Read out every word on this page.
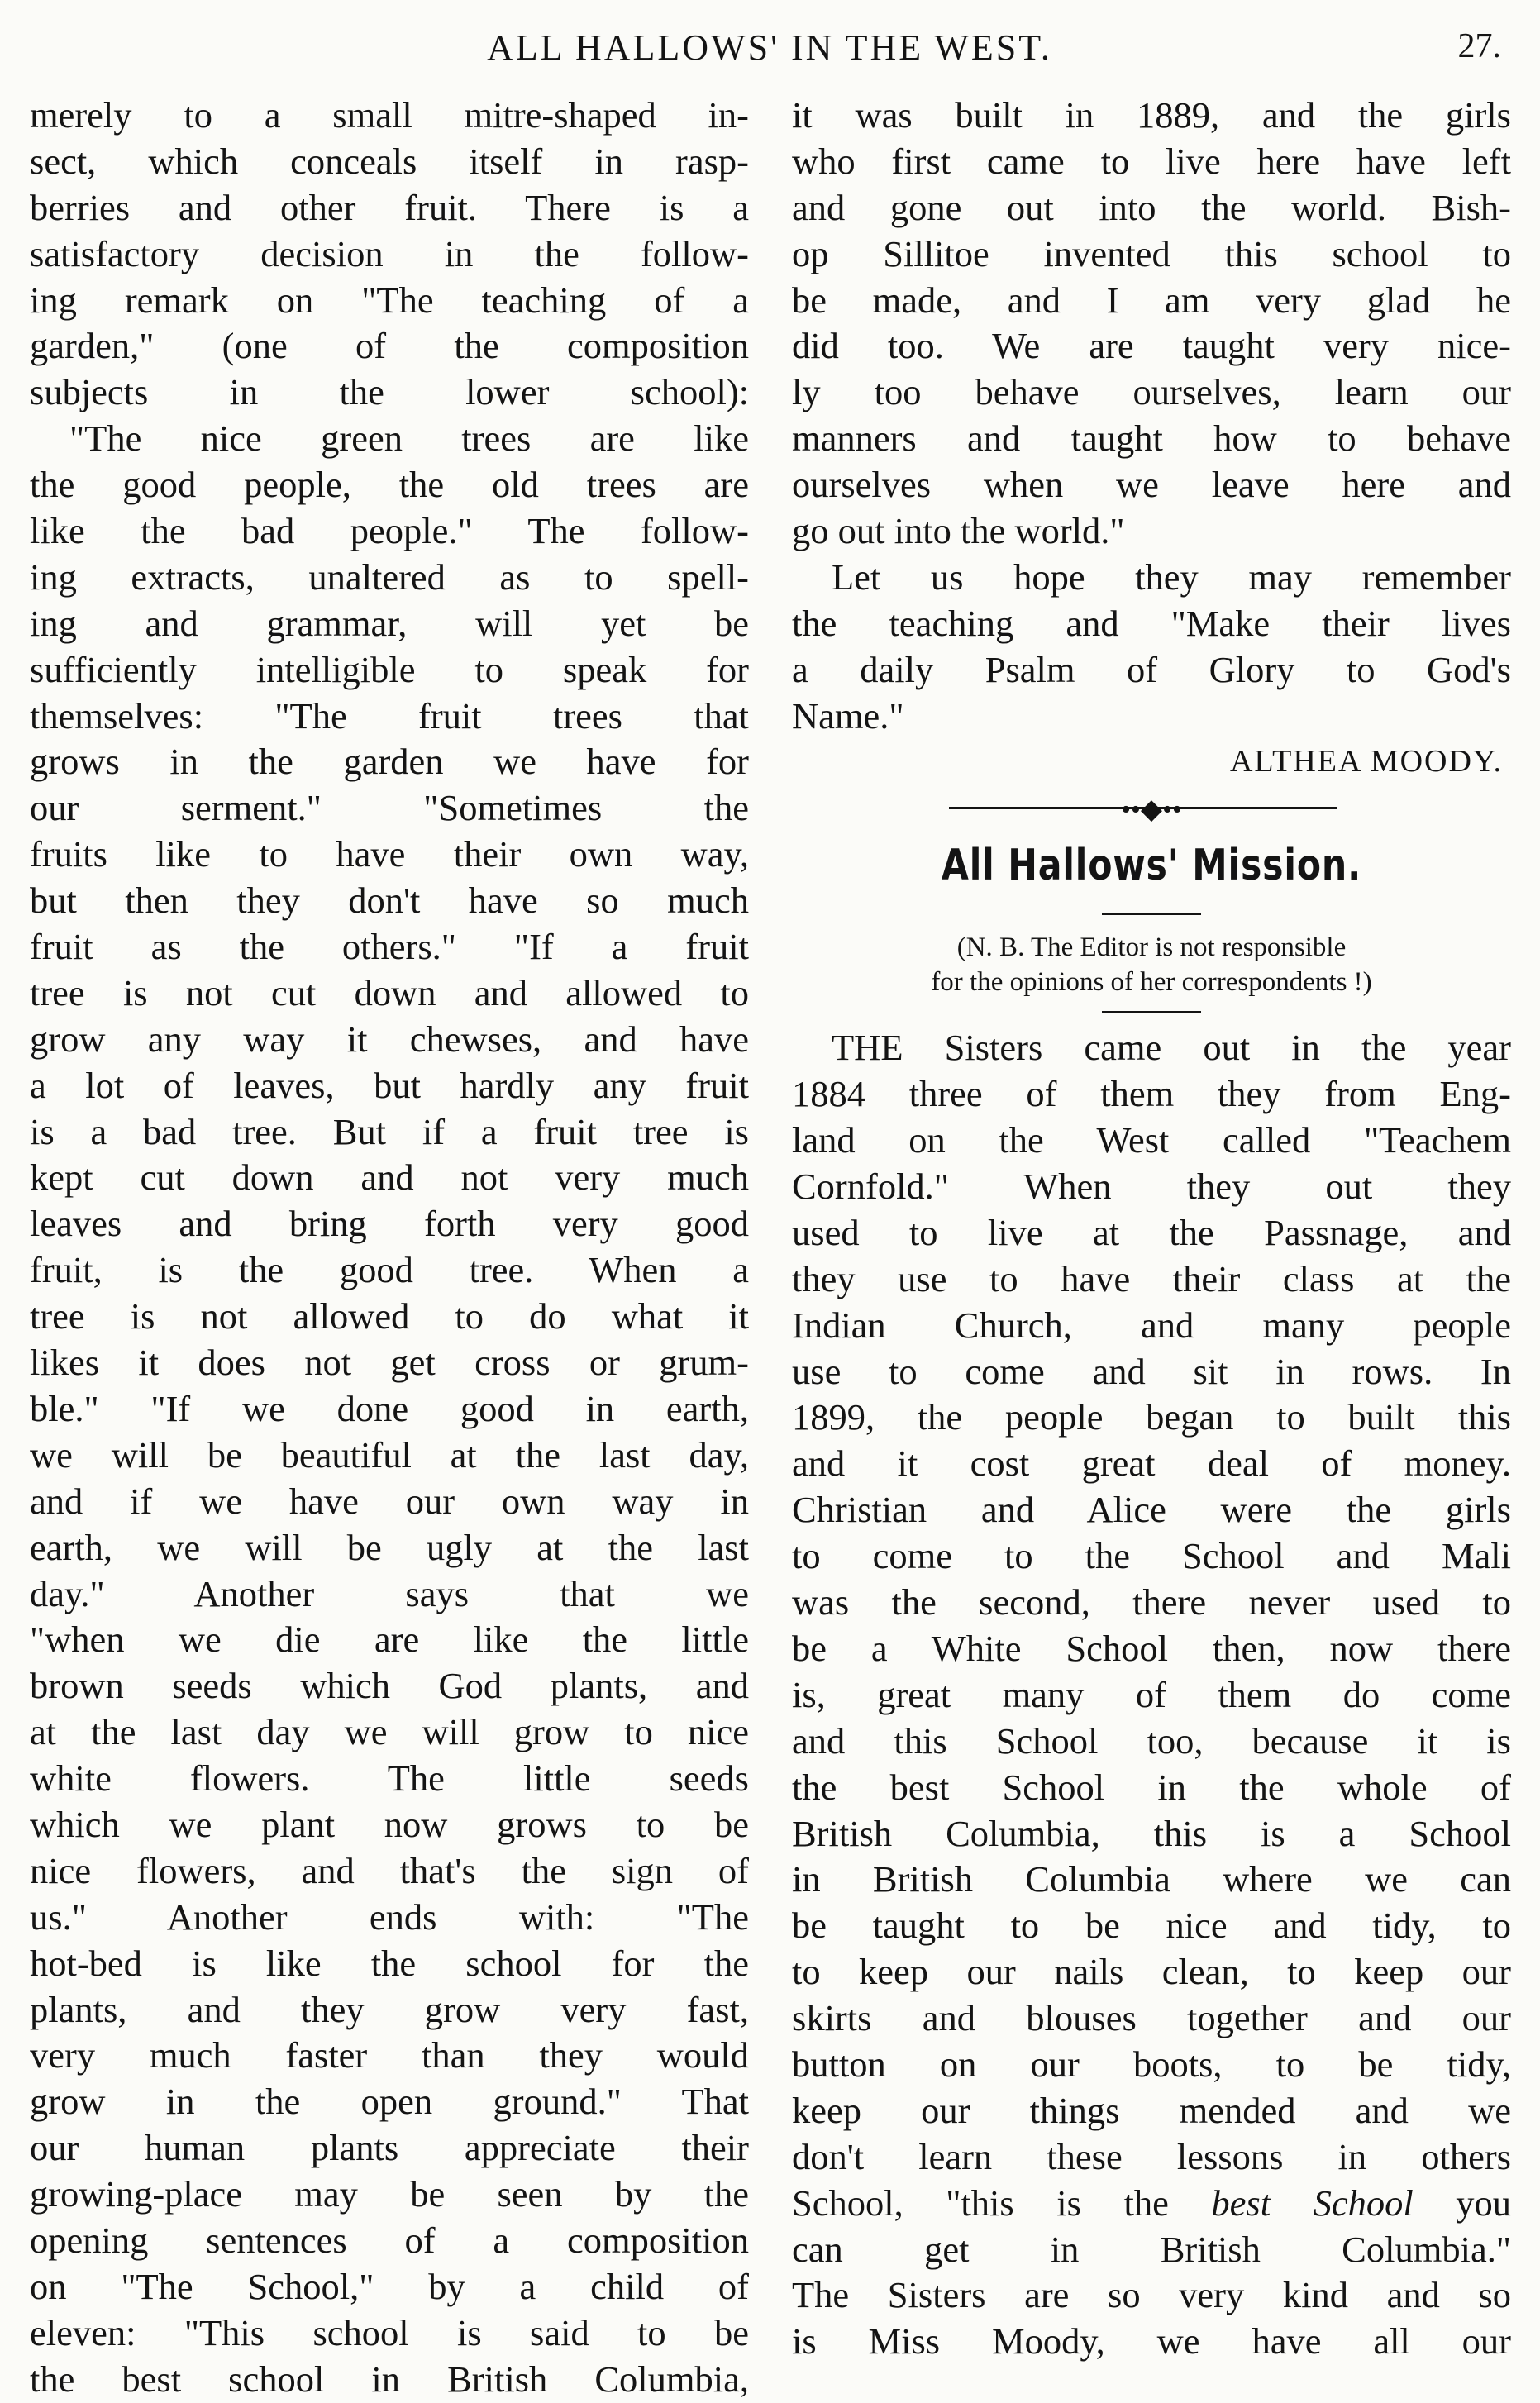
ALL HALLOWS' IN THE WEST.	27.
merely to a small mitre-shaped in-
sect, which conceals itself in rasp-
berries and other fruit. There is a
satisfactory decision in the follow-
ing remark on "The teaching of a
garden," (one of the composition
subjects in the lower school):
"The nice green trees are like
the good people, the old trees are
like the bad people." The follow-
ing extracts, unaltered as to spell-
ing and grammar, will yet be
sufficiently intelligible to speak for
themselves: "The fruit trees that
grows in the garden we have for
our serment." "Sometimes the
fruits like to have their own way,
but then they don't have so much
fruit as the others." "If a fruit
tree is not cut down and allowed to
grow any way it chewses, and have
a lot of leaves, but hardly any fruit
is a bad tree. But if a fruit tree is
kept cut down and not very much
leaves and bring forth very good
fruit, is the good tree. When a
tree is not allowed to do what it
likes it does not get cross or grum-
ble." "If we done good in earth,
we will be beautiful at the last day,
and if we have our own way in
earth, we will be ugly at the last
day." Another says that we
"when we die are like the little
brown seeds which God plants, and
at the last day we will grow to nice
white flowers. The little seeds
which we plant now grows to be
nice flowers, and that's the sign of
us." Another ends with: "The
hot-bed is like the school for the
plants, and they grow very fast,
very much faster than they would
grow in the open ground." That
our human plants appreciate their
growing-place may be seen by the
opening sentences of a composition
on "The School," by a child of
eleven: "This school is said to be
the best school in British Columbia,
it was built in 1889, and the girls
who first came to live here have left
and gone out into the world. Bish-
op Sillitoe invented this school to
be made, and I am very glad he
did too. We are taught very nice-
ly too behave ourselves, learn our
manners and taught how to behave
ourselves when we leave here and
go out into the world."
Let us hope they may remember
the teaching and "Make their lives
a daily Psalm of Glory to God's
Name."
ALTHEA MOODY.
••◆••
All Hallows' Mission.
(N. B. The Editor is not responsible
for the opinions of her correspondents !)
THE Sisters came out in the year
1884 three of them they from Eng-
land on the West called "Teachem
Cornfold." When they out they
used to live at the Passnage, and
they use to have their class at the
Indian Church, and many people
use to come and sit in rows. In
1899, the people began to built this
and it cost great deal of money.
Christian and Alice were the girls
to come to the School and Mali
was the second, there never used to
be a White School then, now there
is, great many of them do come
and this School too, because it is
the best School in the whole of
British Columbia, this is a School
in British Columbia where we can
be taught to be nice and tidy, to
to keep our nails clean, to keep our
skirts and blouses together and our
button on our boots, to be tidy,
keep our things mended and we
don't learn these lessons in others
School, "this is the best School you
can get in British Columbia."
The Sisters are so very kind and so
is Miss Moody, we have all our
